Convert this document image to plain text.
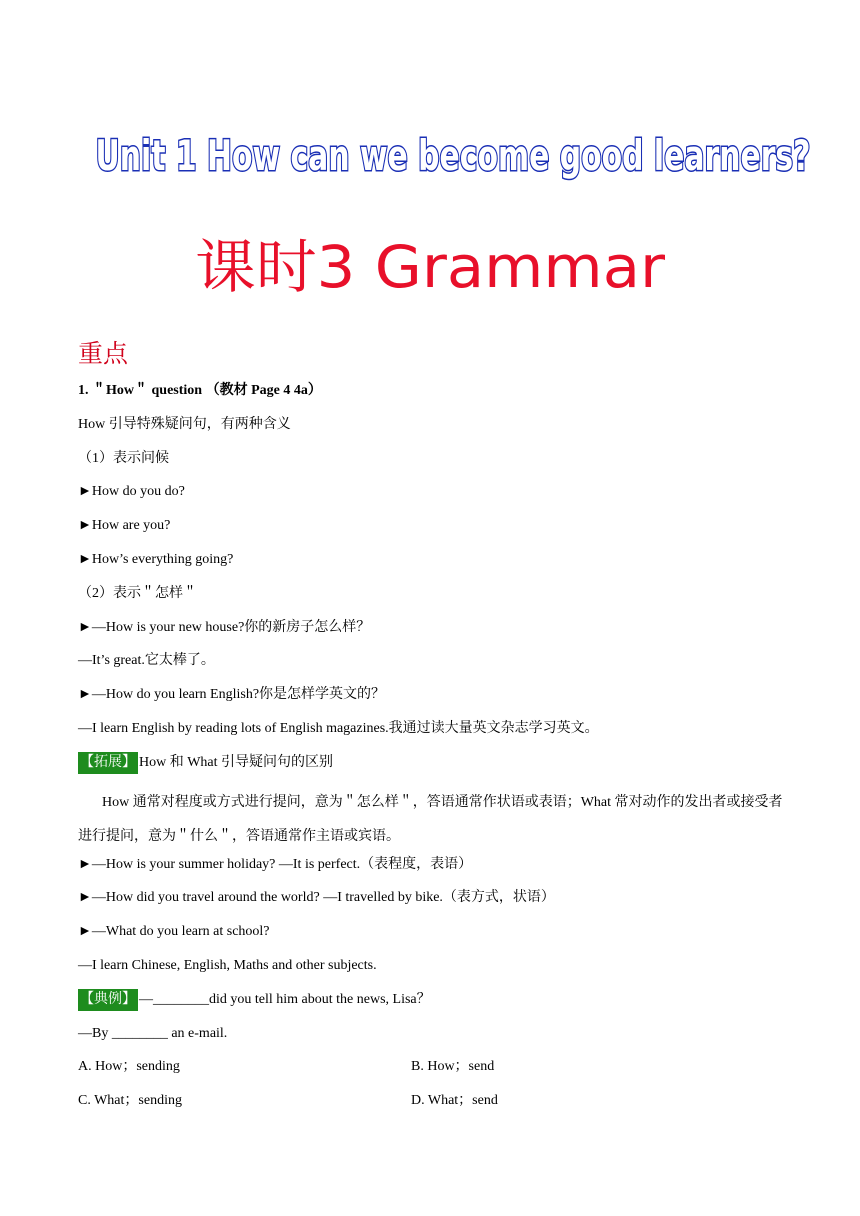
Unit 1 How can we become good learners?
课时3 Grammar
重点
1. ＂How＂ question （教材 Page 4 4a）
How 引导特殊疑问句，有两种含义
（1）表示问候
►How do you do?
►How are you?
►How’s everything going?
（2）表示＂怎样＂
►—How is your new house?你的新房子怎么样？
—It’s great.它太棒了。
►—How do you learn English?你是怎样学英文的？
—I learn English by reading lots of English magazines.我通过读大量英文杂志学习英文。
【拓展】 How 和 What 引导疑问句的区别
How 通常对程度或方式进行提问，意为＂怎么样＂，答语通常作状语或表语；What 常对动作的发出者或接受者进行提问，意为＂什么＂，答语通常作主语或宾语。
►—How is your summer holiday? —It is perfect.（表程度，表语）
►—How did you travel around the world? —I travelled by bike.（表方式，状语）
►—What do you learn at school?
—I learn Chinese, English, Maths and other subjects.
【典例】 —________did you tell him about the news, Lisa？
—By ________ an e-mail.
A. How；sending	B. How；send
C. What；sending	D. What；send
